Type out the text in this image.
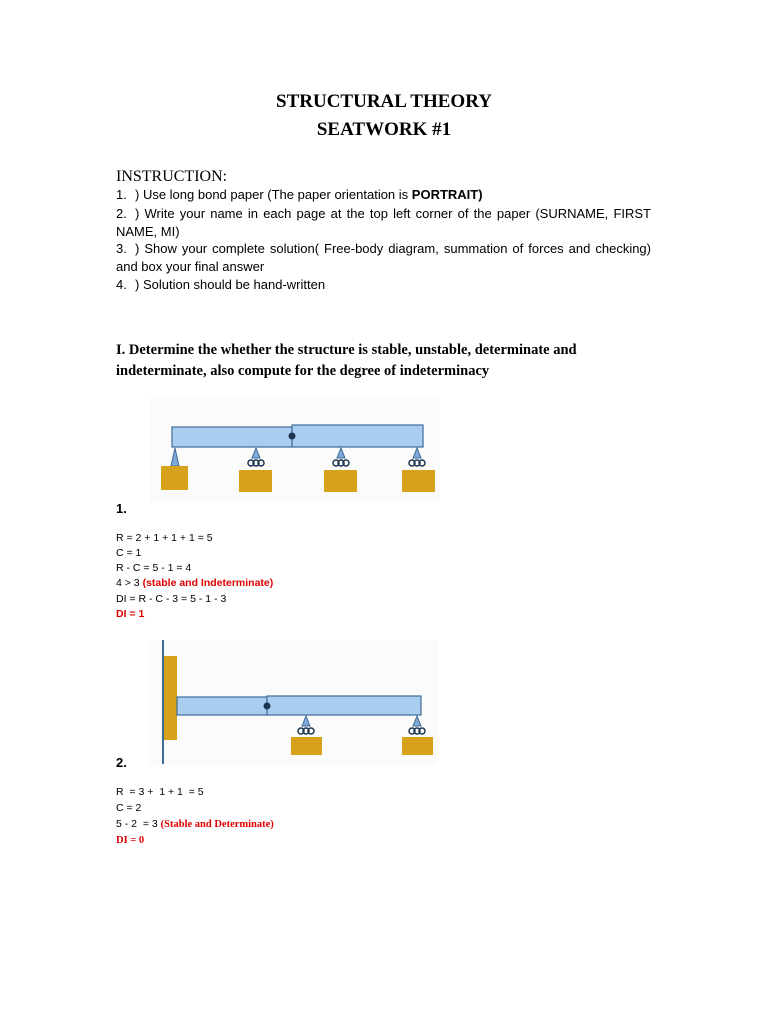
STRUCTURAL THEORY
SEATWORK #1
INSTRUCTION:
1. ) Use long bond paper (The paper orientation is PORTRAIT)
2. ) Write your name in each page at the top left corner of the paper (SURNAME, FIRST NAME, MI)
3. ) Show your complete solution( Free-body diagram, summation of forces and checking) and box your final answer
4. ) Solution should be hand-written
I. Determine the whether the structure is stable, unstable, determinate and indeterminate, also compute for the degree of indeterminacy
1.
R = 2 + 1 + 1 + 1 = 5
C = 1
R - C = 5 - 1 = 4
4 > 3 (stable and Indeterminate)
DI = R - C - 3 = 5 - 1 - 3
DI = 1
2.
R  = 3 +  1 + 1  = 5
C = 2
5 - 2  = 3 (Stable and Determinate)
DI = 0
